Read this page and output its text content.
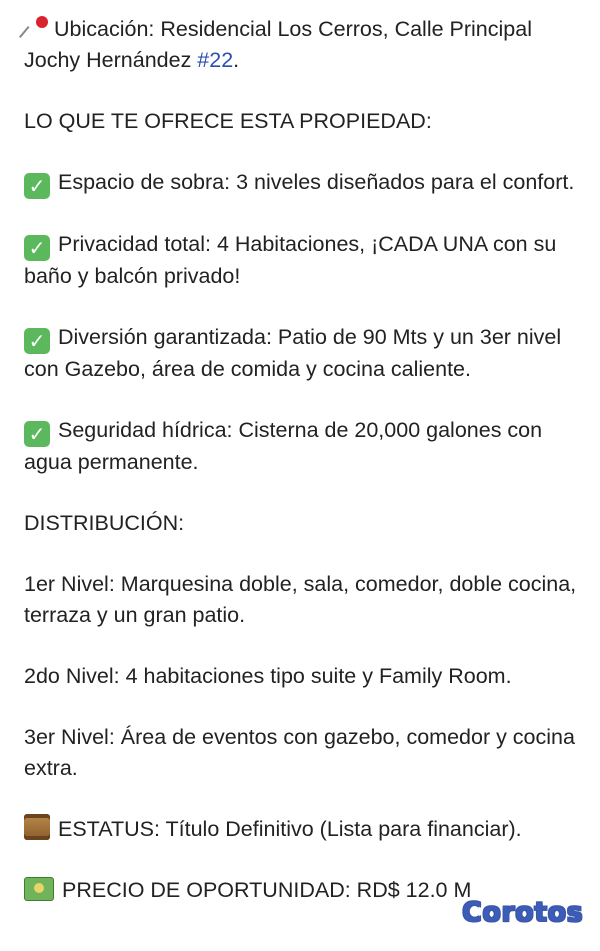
Ubicación: Residencial Los Cerros, Calle Principal Jochy Hernández #22.

LO QUE TE OFRECE ESTA PROPIEDAD:

✓ Espacio de sobra: 3 niveles diseñados para el confort.

✓ Privacidad total: 4 Habitaciones, ¡CADA UNA con su baño y balcón privado!

✓ Diversión garantizada: Patio de 90 Mts y un 3er nivel con Gazebo, área de comida y cocina caliente.

✓ Seguridad hídrica: Cisterna de 20,000 galones con agua permanente.

DISTRIBUCIÓN:

1er Nivel: Marquesina doble, sala, comedor, doble cocina, terraza y un gran patio.

2do Nivel: 4 habitaciones tipo suite y Family Room.

3er Nivel: Área de eventos con gazebo, comedor y cocina extra.

ESTATUS: Título Definitivo (Lista para financiar).

PRECIO DE OPORTUNIDAD: RD$ 12.0 M

Corotos
